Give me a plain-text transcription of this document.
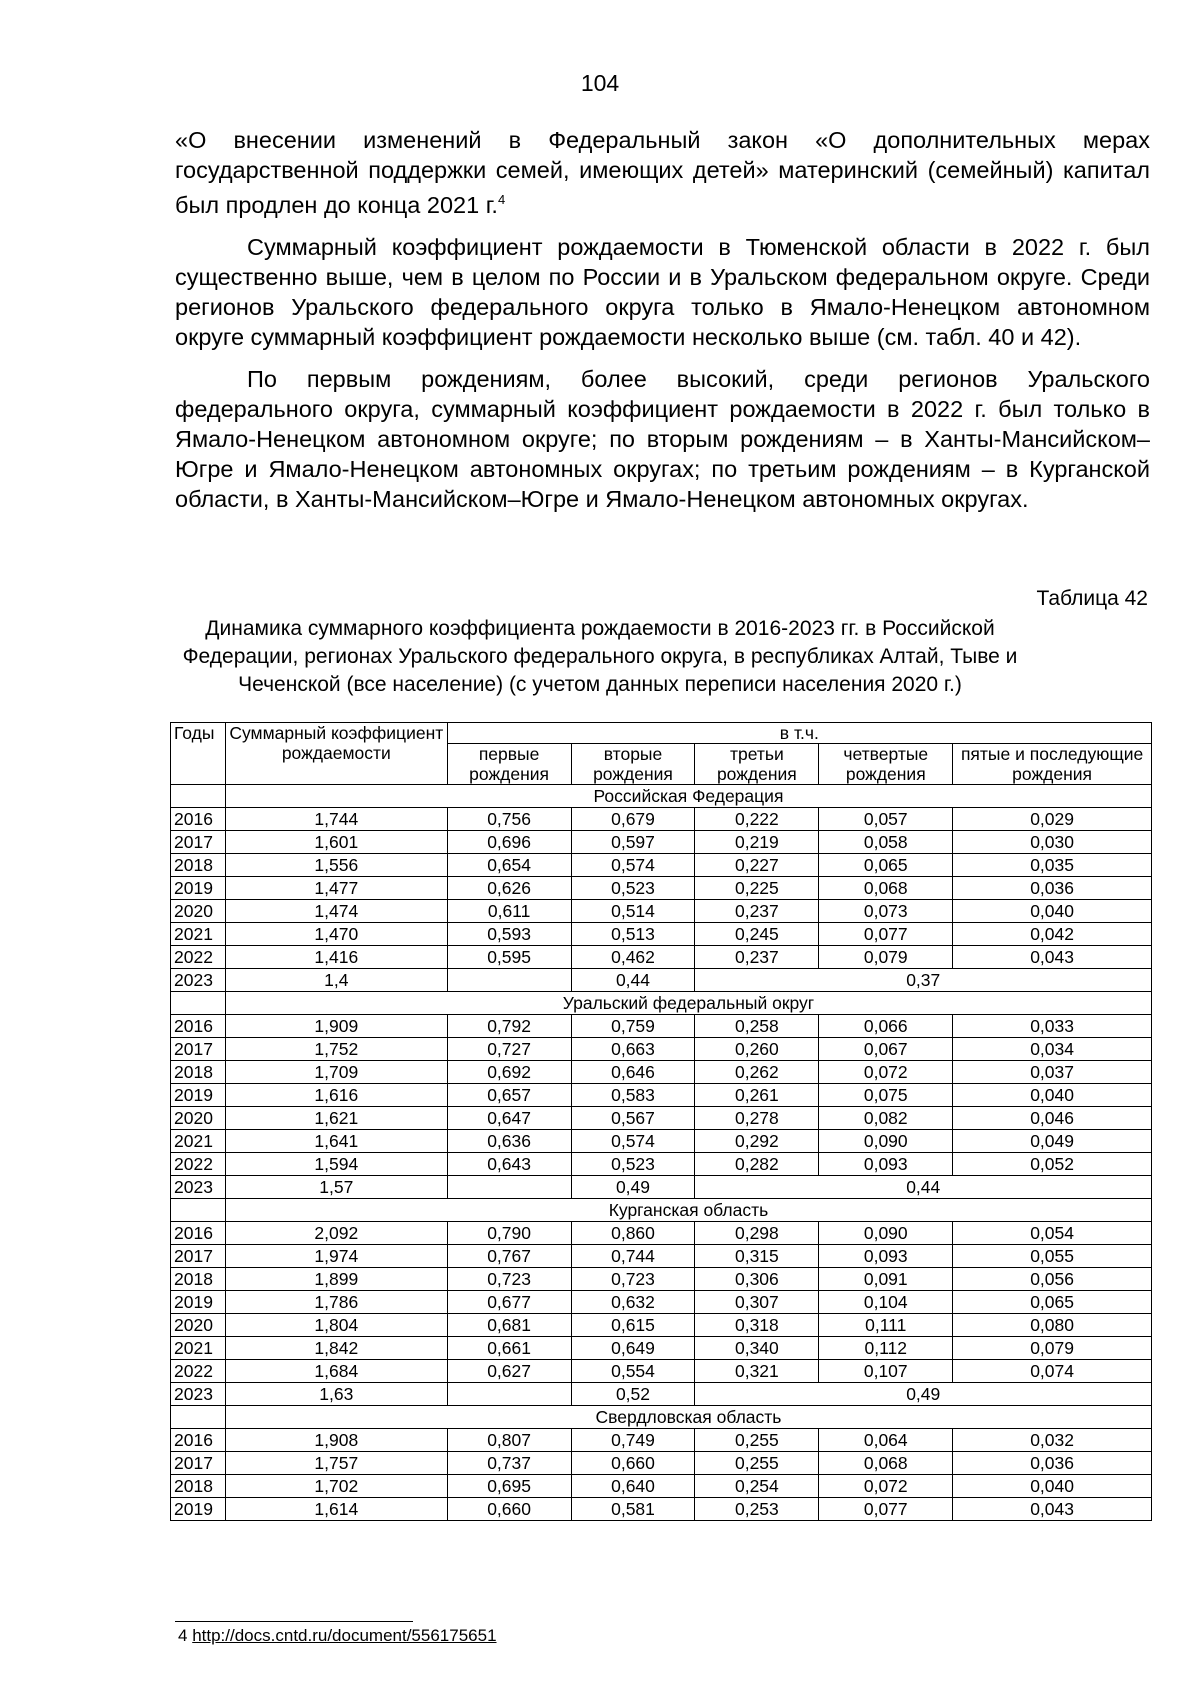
104

«О внесении изменений в Федеральный закон «О дополнительных мерах государственной поддержки семей, имеющих детей» материнский (семейный) капитал был продлен до конца 2021 г.$^4$

Суммарный коэффициент рождаемости в Тюменской области в 2022 г. был существенно выше, чем в целом по России и в Уральском федеральном округе. Среди регионов Уральского федерального округа только в Ямало-Ненецком автономном округе суммарный коэффициент рождаемости несколько выше (см. табл. 40 и 42).

По первым рождениям, более высокий, среди регионов Уральского федерального округа, суммарный коэффициент рождаемости в 2022 г. был только в Ямало-Ненецком автономном округе; по вторым рождениям – в Ханты-Мансийском–Югре и Ямало-Ненецком автономных округах; по третьим рождениям – в Курганской области, в Ханты-Мансийском–Югре и Ямало-Ненецком автономных округах.

Таблица 42
Динамика суммарного коэффициента рождаемости в 2016-2023 гг. в Российской Федерации, регионах Уральского федерального округа, в республиках Алтай, Тыве и Чеченской (все население) (с учетом данных переписи населения 2020 г.)
Годы	Суммарный коэффициент рождаемости	в т.ч.				
		первые рождения	вторые рождения	третьи рождения	четвертые рождения	пятые и последующие рождения
	Российская Федерация					
2016	1,744	0,756	0,679	0,222	0,057	0,029
2017	1,601	0,696	0,597	0,219	0,058	0,030
2018	1,556	0,654	0,574	0,227	0,065	0,035
2019	1,477	0,626	0,523	0,225	0,068	0,036
2020	1,474	0,611	0,514	0,237	0,073	0,040
2021	1,470	0,593	0,513	0,245	0,077	0,042
2022	1,416	0,595	0,462	0,237	0,079	0,043
2023	1,4		0,44	0,37		
	Уральский федеральный округ					
2016	1,909	0,792	0,759	0,258	0,066	0,033
2017	1,752	0,727	0,663	0,260	0,067	0,034
2018	1,709	0,692	0,646	0,262	0,072	0,037
2019	1,616	0,657	0,583	0,261	0,075	0,040
2020	1,621	0,647	0,567	0,278	0,082	0,046
2021	1,641	0,636	0,574	0,292	0,090	0,049
2022	1,594	0,643	0,523	0,282	0,093	0,052
2023	1,57		0,49	0,44		
	Курганская область					
2016	2,092	0,790	0,860	0,298	0,090	0,054
2017	1,974	0,767	0,744	0,315	0,093	0,055
2018	1,899	0,723	0,723	0,306	0,091	0,056
2019	1,786	0,677	0,632	0,307	0,104	0,065
2020	1,804	0,681	0,615	0,318	0,111	0,080
2021	1,842	0,661	0,649	0,340	0,112	0,079
2022	1,684	0,627	0,554	0,321	0,107	0,074
2023	1,63		0,52	0,49		
	Свердловская область					
2016	1,908	0,807	0,749	0,255	0,064	0,032
2017	1,757	0,737	0,660	0,255	0,068	0,036
2018	1,702	0,695	0,640	0,254	0,072	0,040
2019	1,614	0,660	0,581	0,253	0,077	0,043
4 http://docs.cntd.ru/document/556175651
